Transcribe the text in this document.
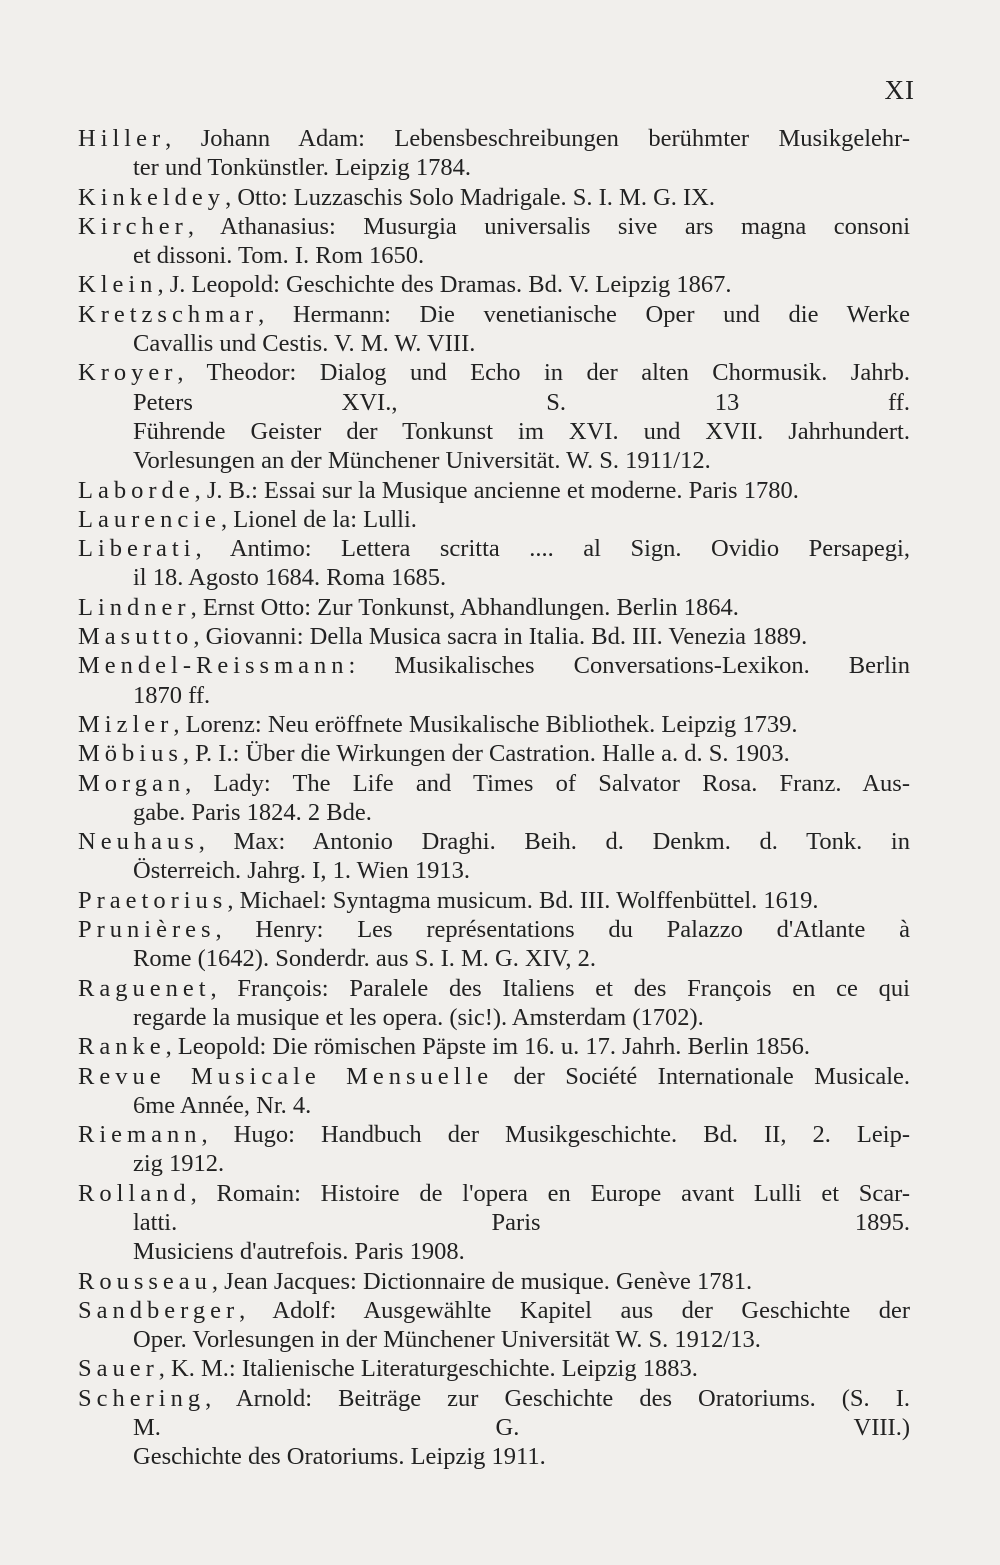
XI
Hiller, Johann Adam: Lebensbeschreibungen berühmter Musikgelehr-
ter und Tonkünstler. Leipzig 1784.
Kinkeldey, Otto: Luzzaschis Solo Madrigale. S. I. M. G. IX.
Kircher, Athanasius: Musurgia universalis sive ars magna consoni
et dissoni. Tom. I. Rom 1650.
Klein, J. Leopold: Geschichte des Dramas. Bd. V. Leipzig 1867.
Kretzschmar, Hermann: Die venetianische Oper und die Werke
Cavallis und Cestis. V. M. W. VIII.
Kroyer, Theodor: Dialog und Echo in der alten Chormusik. Jahrb.
Peters XVI., S. 13 ff.
Führende Geister der Tonkunst im XVI. und XVII. Jahrhundert.
Vorlesungen an der Münchener Universität. W. S. 1911/12.
Laborde, J. B.: Essai sur la Musique ancienne et moderne. Paris 1780.
Laurencie, Lionel de la: Lulli.
Liberati, Antimo: Lettera scritta .... al Sign. Ovidio Persapegi,
il 18. Agosto 1684. Roma 1685.
Lindner, Ernst Otto: Zur Tonkunst, Abhandlungen. Berlin 1864.
Masutto, Giovanni: Della Musica sacra in Italia. Bd. III. Venezia 1889.
Mendel-Reissmann: Musikalisches Conversations-Lexikon. Berlin
1870 ff.
Mizler, Lorenz: Neu eröffnete Musikalische Bibliothek. Leipzig 1739.
Möbius, P. I.: Über die Wirkungen der Castration. Halle a. d. S. 1903.
Morgan, Lady: The Life and Times of Salvator Rosa. Franz. Aus-
gabe. Paris 1824. 2 Bde.
Neuhaus, Max: Antonio Draghi. Beih. d. Denkm. d. Tonk. in
Österreich. Jahrg. I, 1. Wien 1913.
Praetorius, Michael: Syntagma musicum. Bd. III. Wolffenbüttel. 1619.
Prunières, Henry: Les représentations du Palazzo d'Atlante à
Rome (1642). Sonderdr. aus S. I. M. G. XIV, 2.
Raguenet, François: Paralele des Italiens et des François en ce qui
regarde la musique et les opera. (sic!). Amsterdam (1702).
Ranke, Leopold: Die römischen Päpste im 16. u. 17. Jahrh. Berlin 1856.
Revue Musicale Mensuelle der Société Internationale Musicale.
6me Année, Nr. 4.
Riemann, Hugo: Handbuch der Musikgeschichte. Bd. II, 2. Leip-
zig 1912.
Rolland, Romain: Histoire de l'opera en Europe avant Lulli et Scar-
latti. Paris 1895.
Musiciens d'autrefois. Paris 1908.
Rousseau, Jean Jacques: Dictionnaire de musique. Genève 1781.
Sandberger, Adolf: Ausgewählte Kapitel aus der Geschichte der
Oper. Vorlesungen in der Münchener Universität W. S. 1912/13.
Sauer, K. M.: Italienische Literaturgeschichte. Leipzig 1883.
Schering, Arnold: Beiträge zur Geschichte des Oratoriums. (S. I.
M. G. VIII.)
Geschichte des Oratoriums. Leipzig 1911.
